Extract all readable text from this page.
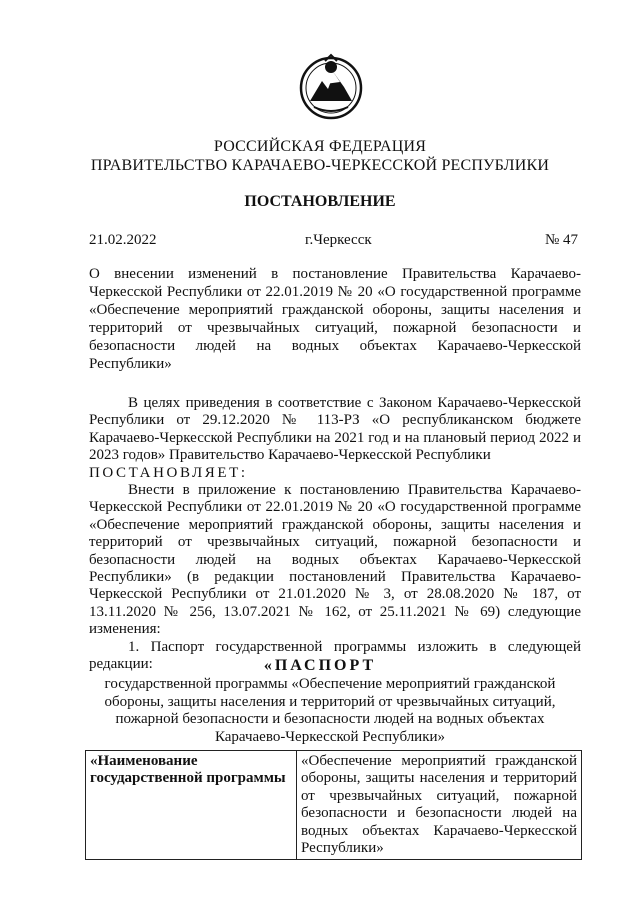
РОССИЙСКАЯ ФЕДЕРАЦИЯ
ПРАВИТЕЛЬСТВО КАРАЧАЕВО-ЧЕРКЕССКОЙ РЕСПУБЛИКИ
ПОСТАНОВЛЕНИЕ
21.02.2022	г.Черкесск	№ 47
О внесении изменений в постановление Правительства Карачаево-Черкесской Республики от 22.01.2019 № 20 «О государственной программе «Обеспечение мероприятий гражданской обороны, защиты населения и территорий от чрезвычайных ситуаций, пожарной безопасности и безопасности людей на водных объектах Карачаево-Черкесской Республики»

В целях приведения в соответствие с Законом Карачаево-Черкесской Республики от 29.12.2020 № 113-РЗ «О республиканском бюджете Карачаево-Черкесской Республики на 2021 год и на плановый период 2022 и 2023 годов» Правительство Карачаево-Черкесской Республики

ПОСТАНОВЛЯЕТ:

Внести в приложение к постановлению Правительства Карачаево-Черкесской Республики от 22.01.2019 № 20 «О государственной программе «Обеспечение мероприятий гражданской обороны, защиты населения и территорий от чрезвычайных ситуаций, пожарной безопасности и безопасности людей на водных объектах Карачаево-Черкесской Республики» (в редакции постановлений Правительства Карачаево-Черкесской Республики от 21.01.2020 № 3, от 28.08.2020 № 187, от 13.11.2020 № 256, 13.07.2021 № 162, от 25.11.2021 № 69) следующие изменения:

1. Паспорт государственной программы изложить в следующей редакции:	«ПАСПОРТ
государственной программы «Обеспечение мероприятий гражданской обороны, защиты населения и территорий от чрезвычайных ситуаций, пожарной безопасности и безопасности людей на водных объектах Карачаево-Черкесской Республики»
«Наименование государственной программы	«Обеспечение мероприятий гражданской обороны, защиты населения и территорий от чрезвычайных ситуаций, пожарной безопасности и безопасности людей на водных объектах Карачаево-Черкесской Республики»
